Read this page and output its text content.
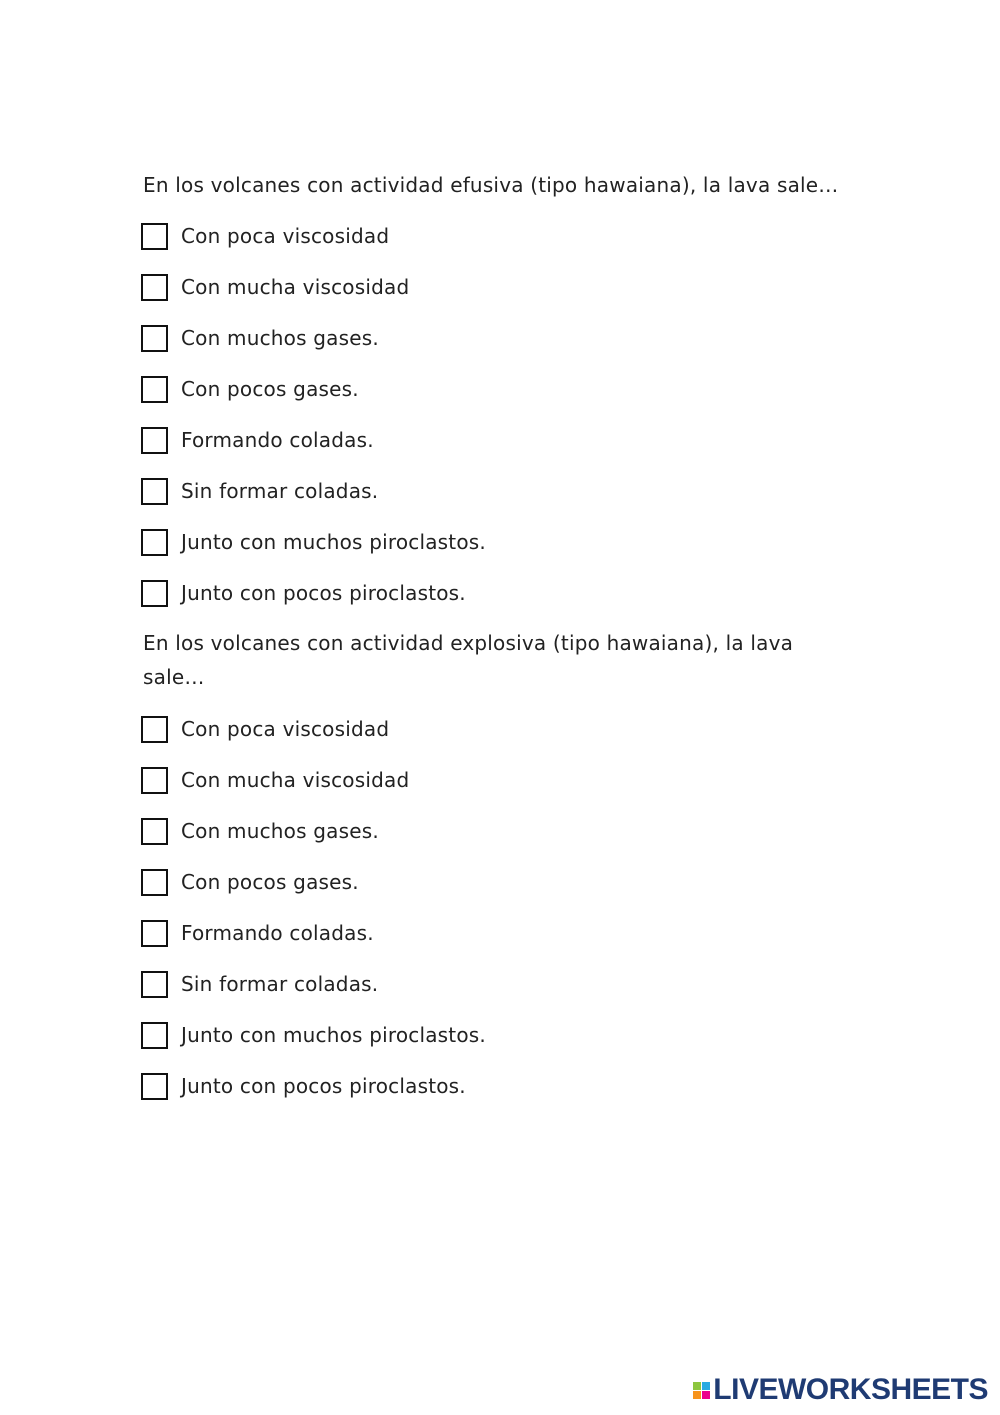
En los volcanes con actividad efusiva (tipo hawaiana), la lava sale…

Con poca viscosidad
Con mucha viscosidad
Con muchos gases.
Con pocos gases.
Formando coladas.
Sin formar coladas.
Junto con muchos piroclastos.
Junto con pocos piroclastos.

En los volcanes con actividad explosiva (tipo hawaiana), la lava sale…

Con poca viscosidad
Con mucha viscosidad
Con muchos gases.
Con pocos gases.
Formando coladas.
Sin formar coladas.
Junto con muchos piroclastos.
Junto con pocos piroclastos.
LIVEWORKSHEETS
